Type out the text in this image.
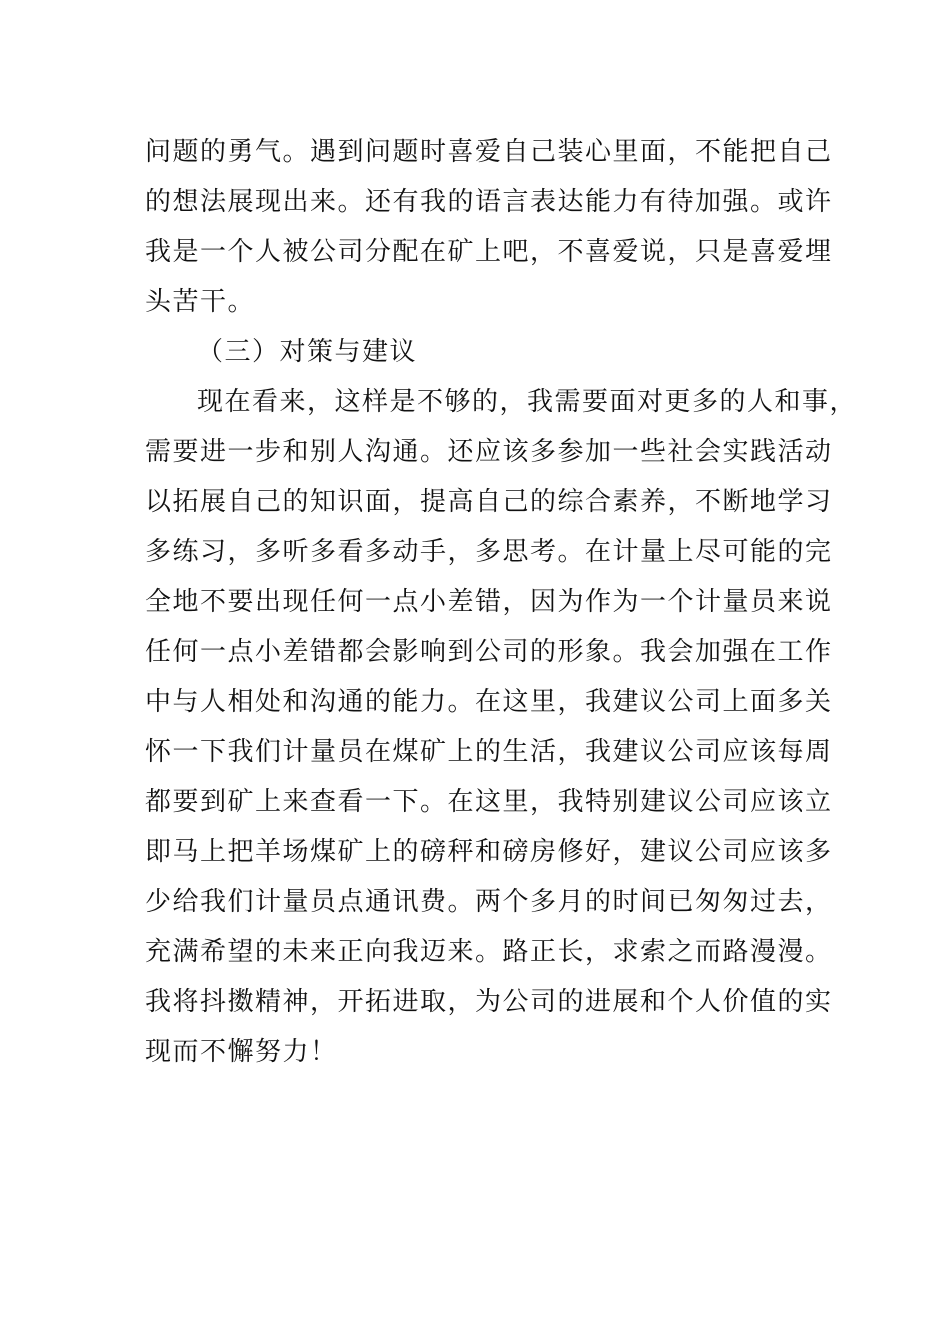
问题的勇气。遇到问题时喜爱自己装心里面，不能把自己
的想法展现出来。还有我的语言表达能力有待加强。或许
我是一个人被公司分配在矿上吧，不喜爱说，只是喜爱埋
头苦干。
（三）对策与建议
现在看来，这样是不够的，我需要面对更多的人和事，
需要进一步和别人沟通。还应该多参加一些社会实践活动
以拓展自己的知识面，提高自己的综合素养，不断地学习
多练习，多听多看多动手，多思考。在计量上尽可能的完
全地不要出现任何一点小差错，因为作为一个计量员来说
任何一点小差错都会影响到公司的形象。我会加强在工作
中与人相处和沟通的能力。在这里，我建议公司上面多关
怀一下我们计量员在煤矿上的生活，我建议公司应该每周
都要到矿上来查看一下。在这里，我特别建议公司应该立
即马上把羊场煤矿上的磅秤和磅房修好，建议公司应该多
少给我们计量员点通讯费。两个多月的时间已匆匆过去，
充满希望的未来正向我迈来。路正长，求索之而路漫漫。
我将抖擞精神，开拓进取，为公司的进展和个人价值的实
现而不懈努力！
